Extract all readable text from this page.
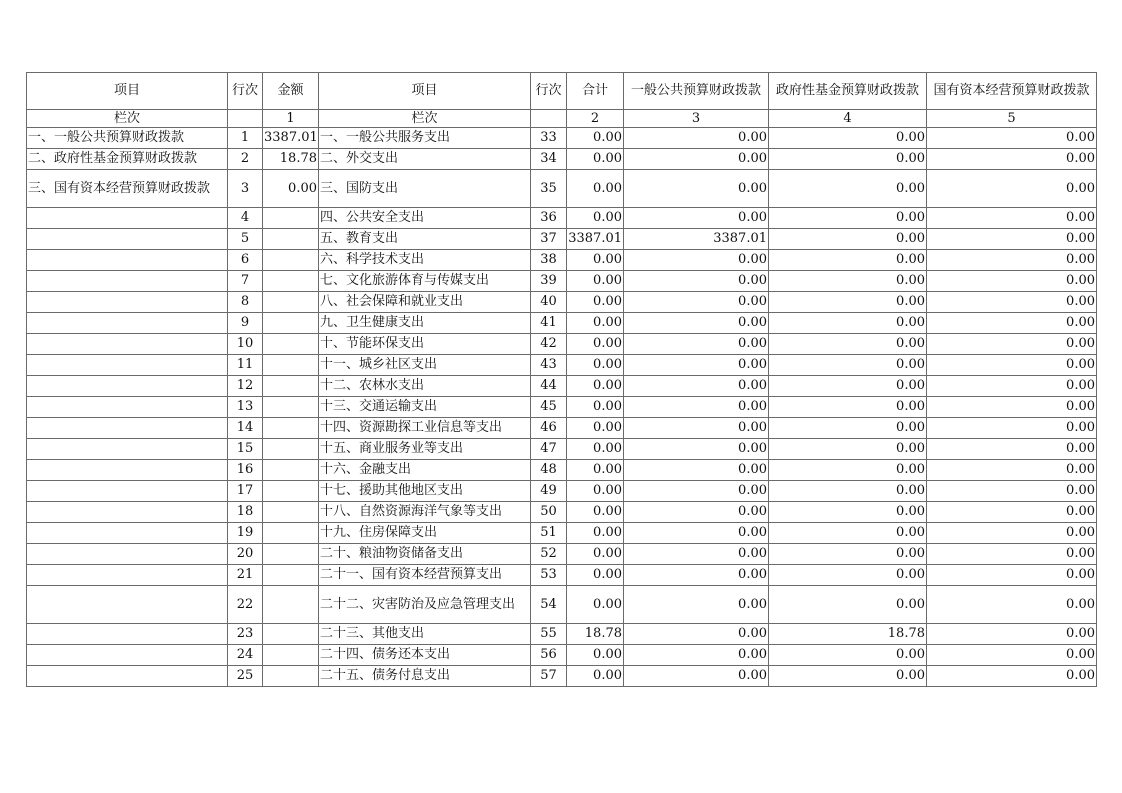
项目	行次	金额	项目	行次	合计	一般公共预算财政拨款	政府性基金预算财政拨款	国有资本经营预算财政拨款
栏次		1	栏次		2	3	4	5
一、一般公共预算财政拨款	1	3387.01	一、一般公共服务支出	33	0.00	0.00	0.00	0.00
二、政府性基金预算财政拨款	2	18.78	二、外交支出	34	0.00	0.00	0.00	0.00
三、国有资本经营预算财政拨款	3	0.00	三、国防支出	35	0.00	0.00	0.00	0.00
	4		四、公共安全支出	36	0.00	0.00	0.00	0.00
	5		五、教育支出	37	3387.01	3387.01	0.00	0.00
	6		六、科学技术支出	38	0.00	0.00	0.00	0.00
	7		七、文化旅游体育与传媒支出	39	0.00	0.00	0.00	0.00
	8		八、社会保障和就业支出	40	0.00	0.00	0.00	0.00
	9		九、卫生健康支出	41	0.00	0.00	0.00	0.00
	10		十、节能环保支出	42	0.00	0.00	0.00	0.00
	11		十一、城乡社区支出	43	0.00	0.00	0.00	0.00
	12		十二、农林水支出	44	0.00	0.00	0.00	0.00
	13		十三、交通运输支出	45	0.00	0.00	0.00	0.00
	14		十四、资源勘探工业信息等支出	46	0.00	0.00	0.00	0.00
	15		十五、商业服务业等支出	47	0.00	0.00	0.00	0.00
	16		十六、金融支出	48	0.00	0.00	0.00	0.00
	17		十七、援助其他地区支出	49	0.00	0.00	0.00	0.00
	18		十八、自然资源海洋气象等支出	50	0.00	0.00	0.00	0.00
	19		十九、住房保障支出	51	0.00	0.00	0.00	0.00
	20		二十、粮油物资储备支出	52	0.00	0.00	0.00	0.00
	21		二十一、国有资本经营预算支出	53	0.00	0.00	0.00	0.00
	22		二十二、灾害防治及应急管理支出	54	0.00	0.00	0.00	0.00
	23		二十三、其他支出	55	18.78	0.00	18.78	0.00
	24		二十四、债务还本支出	56	0.00	0.00	0.00	0.00
	25		二十五、债务付息支出	57	0.00	0.00	0.00	0.00
